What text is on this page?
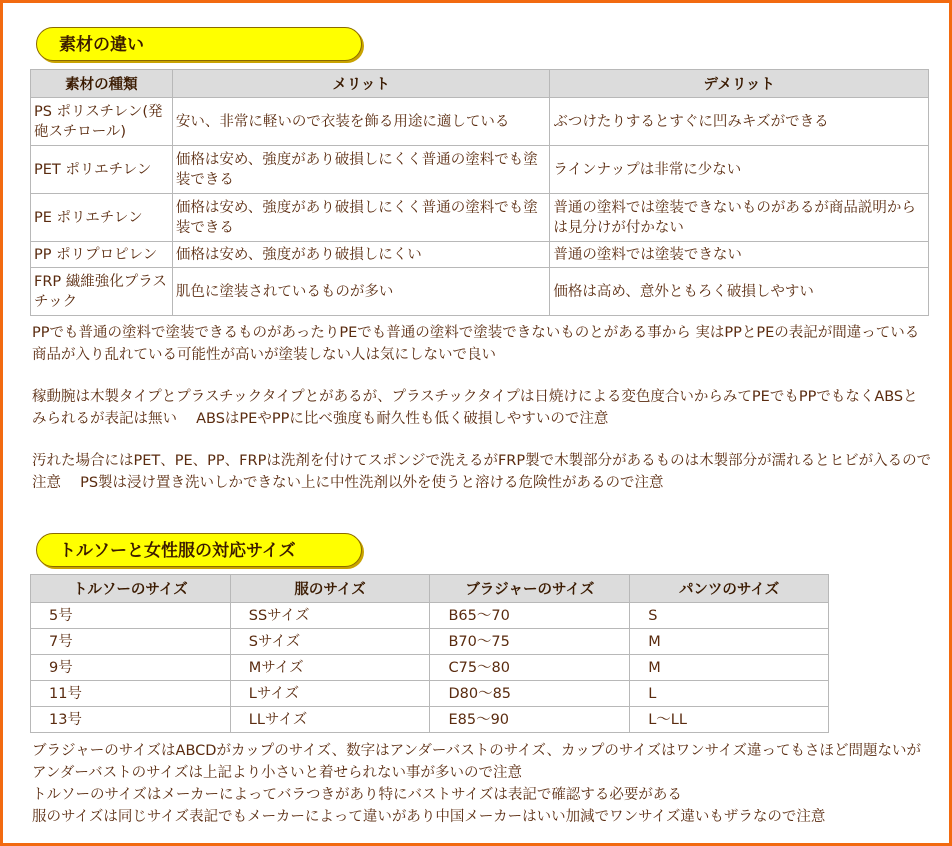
素材の違い
素材の種類	メリット	デメリット
PS ポリスチレン(発砲スチロール)	安い、非常に軽いので衣装を飾る用途に適している	ぶつけたりするとすぐに凹みキズができる
PET ポリエチレン	価格は安め、強度があり破損しにくく普通の塗料でも塗装できる	ラインナップは非常に少ない
PE ポリエチレン	価格は安め、強度があり破損しにくく普通の塗料でも塗装できる	普通の塗料では塗装できないものがあるが商品説明からは見分けが付かない
PP ポリプロピレン	価格は安め、強度があり破損しにくい	普通の塗料では塗装できない
FRP 繊維強化プラスチック	肌色に塗装されているものが多い	価格は高め、意外ともろく破損しやすい

PPでも普通の塗料で塗装できるものがあったりPEでも普通の塗料で塗装できないものとがある事から 実はPPとPEの表記が間違っている商品が入り乱れている可能性が高いが塗装しない人は気にしないで良い

稼動腕は木製タイプとプラスチックタイプとがあるが、プラスチックタイプは日焼けによる変色度合いからみてPEでもPPでもなくABSとみられるが表記は無い　 ABSはPEやPPに比べ強度も耐久性も低く破損しやすいので注意

汚れた場合にはPET、PE、PP、FRPは洗剤を付けてスポンジで洗えるがFRP製で木製部分があるものは木製部分が濡れるとヒビが入るので注意　 PS製は浸け置き洗いしかできない上に中性洗剤以外を使うと溶ける危険性があるので注意

トルソーと女性服の対応サイズ
トルソーのサイズ	服のサイズ	ブラジャーのサイズ	パンツのサイズ
5号	SSサイズ	B65～70	S
7号	Sサイズ	B70～75	M
9号	Mサイズ	C75～80	M
11号	Lサイズ	D80～85	L
13号	LLサイズ	E85～90	L～LL

ブラジャーのサイズはABCDがカップのサイズ、数字はアンダーバストのサイズ、カップのサイズはワンサイズ違ってもさほど問題ないがアンダーバストのサイズは上記より小さいと着せられない事が多いので注意

トルソーのサイズはメーカーによってバラつきがあり特にバストサイズは表記で確認する必要がある

服のサイズは同じサイズ表記でもメーカーによって違いがあり中国メーカーはいい加減でワンサイズ違いもザラなので注意
